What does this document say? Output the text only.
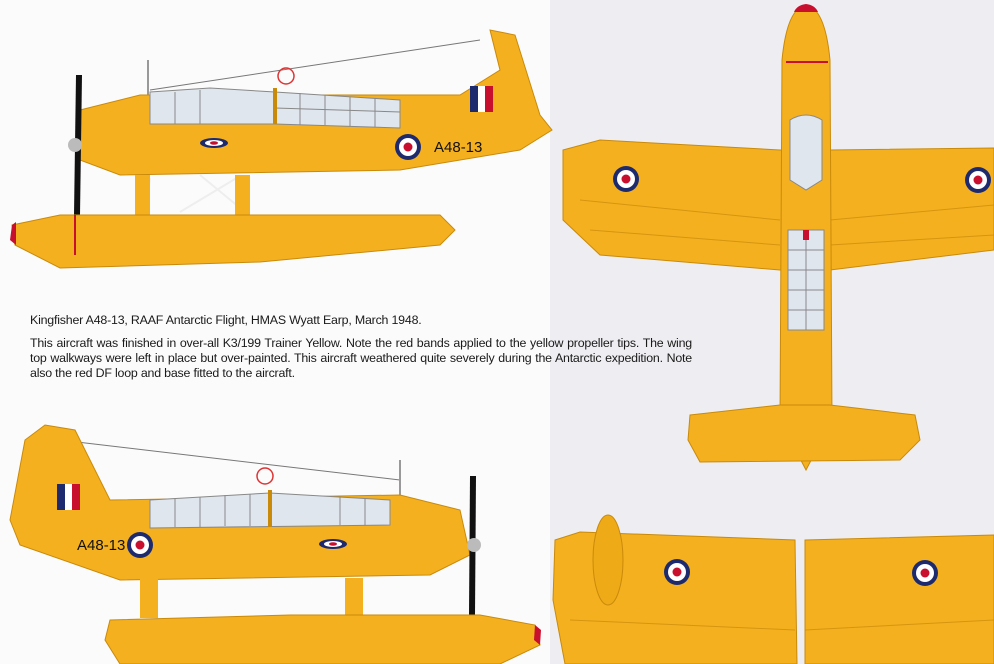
A48-13
A48-13

Kingfisher A48-13, RAAF Antarctic Flight, HMAS Wyatt Earp, March 1948.

This aircraft was finished in over-all K3/199 Trainer Yellow. Note the red bands applied to the yellow propeller tips. The wing top walkways were left in place but over-painted. This aircraft weathered quite severely during the Antarctic expedition. Note also the red DF loop and base fitted to the aircraft.
